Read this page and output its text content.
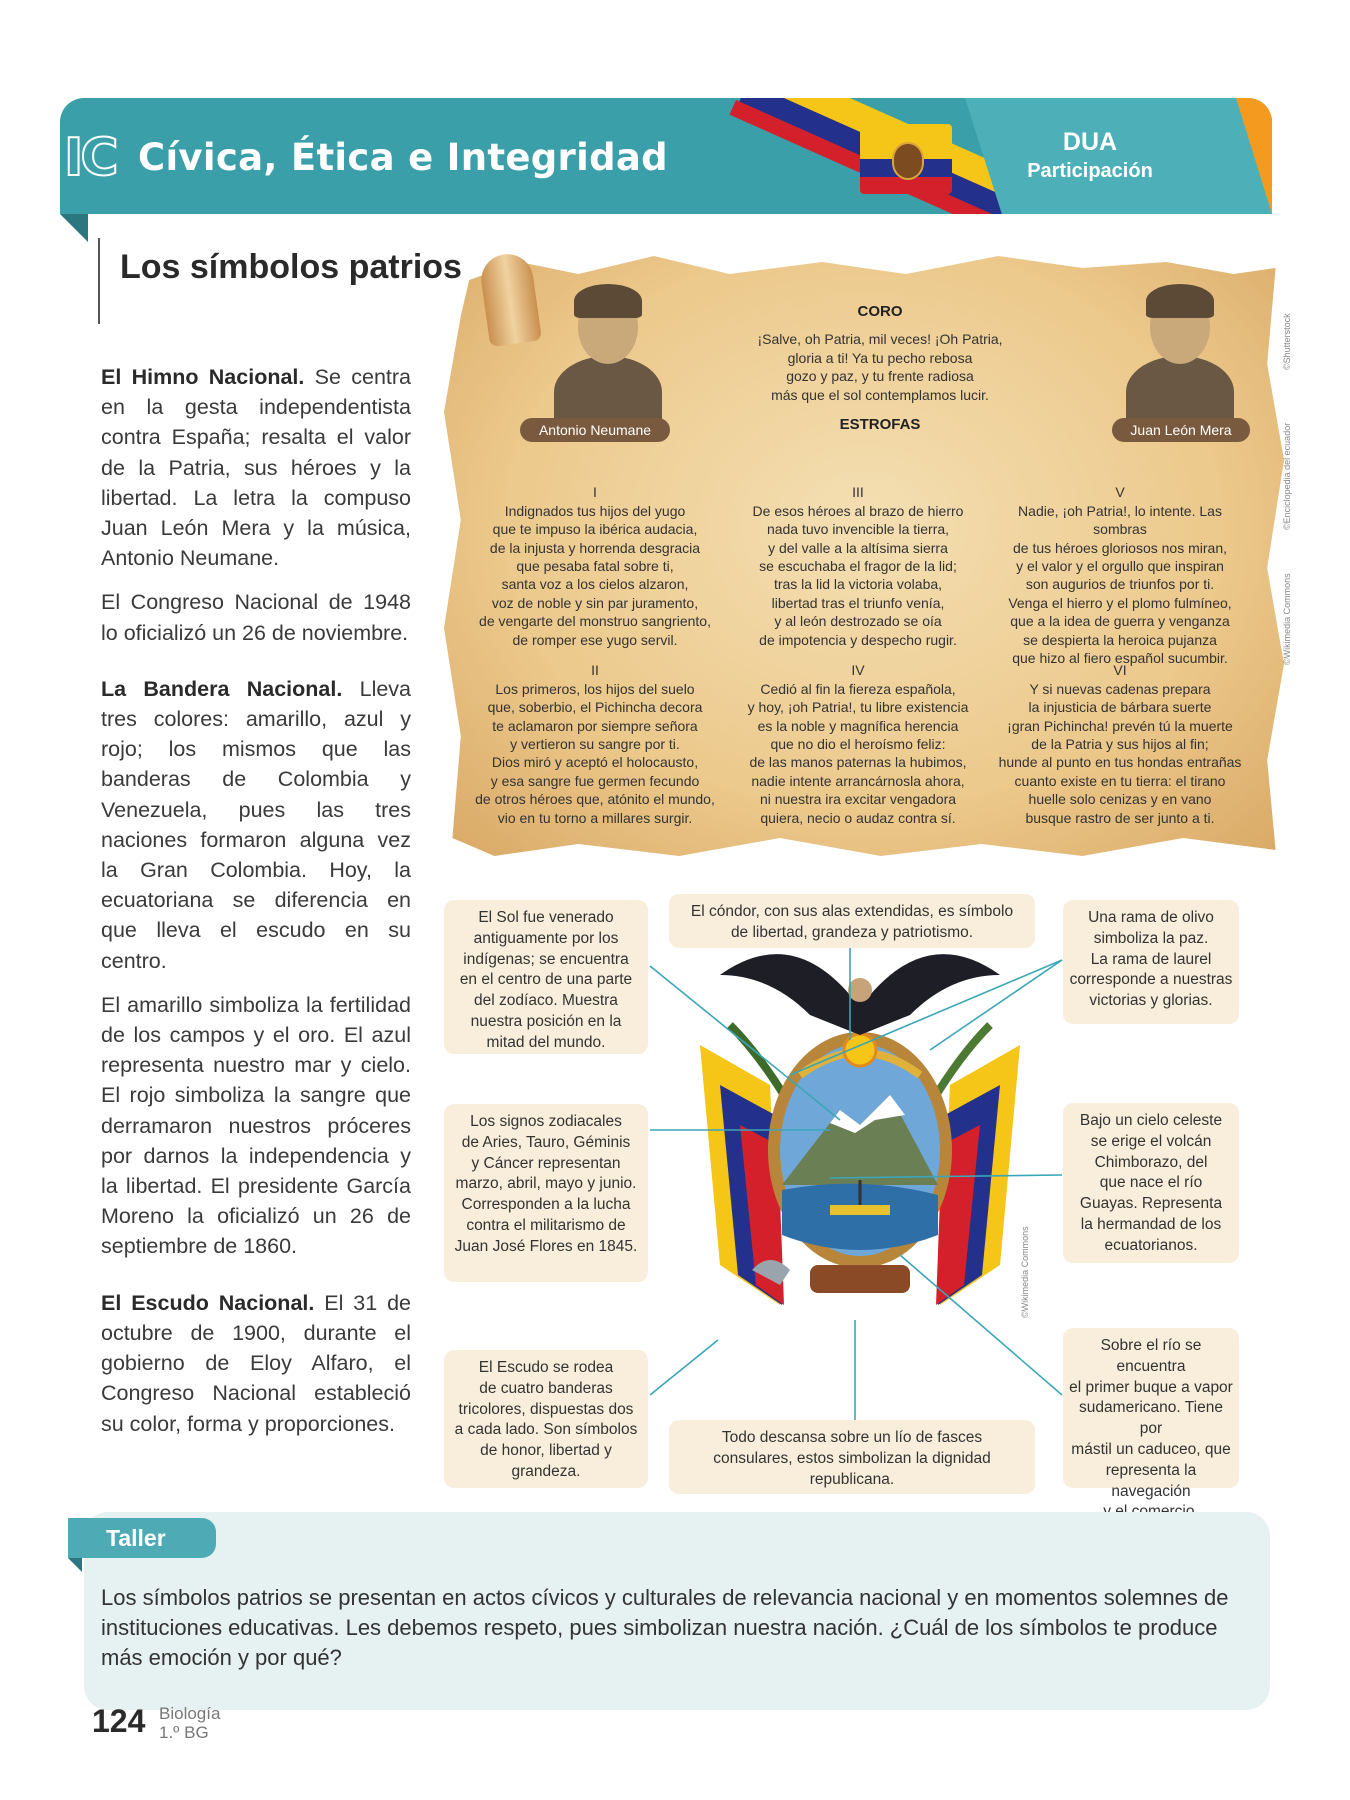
IC Cívica, Ética e Integridad	DUA
Participación
Los símbolos patrios

El Himno Nacional. Se centra en la gesta independentista contra España; resalta el valor de la Patria, sus héroes y la libertad. La letra la compuso Juan León Mera y la música, Antonio Neumane.

El Congreso Nacional de 1948 lo oficializó un 26 de noviembre.

La Bandera Nacional. Lleva tres colores: amarillo, azul y rojo; los mismos que las banderas de Colombia y Venezuela, pues las tres naciones formaron alguna vez la Gran Colombia. Hoy, la ecuatoriana se diferencia en que lleva el escudo en su centro.

El amarillo simboliza la fertilidad de los campos y el oro. El azul representa nuestro mar y cielo. El rojo simboliza la sangre que derramaron nuestros próceres por darnos la independencia y la libertad. El presidente García Moreno la oficializó un 26 de septiembre de 1860.

El Escudo Nacional. El 31 de octubre de 1900, durante el gobierno de Eloy Alfaro, el Congreso Nacional estableció su color, forma y proporciones.

Antonio Neumane	Juan León Mera
CORO
¡Salve, oh Patria, mil veces! ¡Oh Patria,
gloria a ti! Ya tu pecho rebosa
gozo y paz, y tu frente radiosa
más que el sol contemplamos lucir.
ESTROFAS

I
Indignados tus hijos del yugo
que te impuso la ibérica audacia,
de la injusta y horrenda desgracia
que pesaba fatal sobre ti,
santa voz a los cielos alzaron,
voz de noble y sin par juramento,
de vengarte del monstruo sangriento,
de romper ese yugo servil.

II
Los primeros, los hijos del suelo
que, soberbio, el Pichincha decora
te aclamaron por siempre señora
y vertieron su sangre por ti.
Dios miró y aceptó el holocausto,
y esa sangre fue germen fecundo
de otros héroes que, atónito el mundo,
vio en tu torno a millares surgir.

III
De esos héroes al brazo de hierro
nada tuvo invencible la tierra,
y del valle a la altísima sierra
se escuchaba el fragor de la lid;
tras la lid la victoria volaba,
libertad tras el triunfo venía,
y al león destrozado se oía
de impotencia y despecho rugir.

IV
Cedió al fin la fiereza española,
y hoy, ¡oh Patria!, tu libre existencia
es la noble y magnífica herencia
que no dio el heroísmo feliz:
de las manos paternas la hubimos,
nadie intente arrancárnosla ahora,
ni nuestra ira excitar vengadora
quiera, necio o audaz contra sí.

V
Nadie, ¡oh Patria!, lo intente. Las sombras
de tus héroes gloriosos nos miran,
y el valor y el orgullo que inspiran
son augurios de triunfos por ti.
Venga el hierro y el plomo fulmíneo,
que a la idea de guerra y venganza
se despierta la heroica pujanza
que hizo al fiero español sucumbir.

VI
Y si nuevas cadenas prepara
la injusticia de bárbara suerte
¡gran Pichincha! prevén tú la muerte
de la Patria y sus hijos al fin;
hunde al punto en tus hondas entrañas
cuanto existe en tu tierra: el tirano
huelle solo cenizas y en vano
busque rastro de ser junto a ti.

©Shutterstock
©Enciclopedia del ecuador
©Wikimedia Commons
©Wikimedia Commons
El Sol fue venerado
antiguamente por los
indígenas; se encuentra
en el centro de una parte
del zodíaco. Muestra
nuestra posición en la
mitad del mundo.
El cóndor, con sus alas extendidas, es símbolo
de libertad, grandeza y patriotismo.
Una rama de olivo
simboliza la paz.
La rama de laurel
corresponde a nuestras
victorias y glorias.
Los signos zodiacales
de Aries, Tauro, Géminis
y Cáncer representan
marzo, abril, mayo y junio.
Corresponden a la lucha
contra el militarismo de
Juan José Flores en 1845.
Bajo un cielo celeste
se erige el volcán
Chimborazo, del
que nace el río
Guayas. Representa
la hermandad de los
ecuatorianos.
El Escudo se rodea
de cuatro banderas
tricolores, dispuestas dos
a cada lado. Son símbolos
de honor, libertad y
grandeza.
Todo descansa sobre un lío de fasces
consulares, estos simbolizan la dignidad
republicana.
Sobre el río se encuentra
el primer buque a vapor
sudamericano. Tiene por
mástil un caduceo, que
representa la navegación

Taller
Los símbolos patrios se presentan en actos cívicos y culturales de relevancia nacional y en momentos solemnes de instituciones educativas. Les debemos respeto, pues simbolizan nuestra nación. ¿Cuál de los símbolos te produce más emoción y por qué?
124 Biología
1.º BG
